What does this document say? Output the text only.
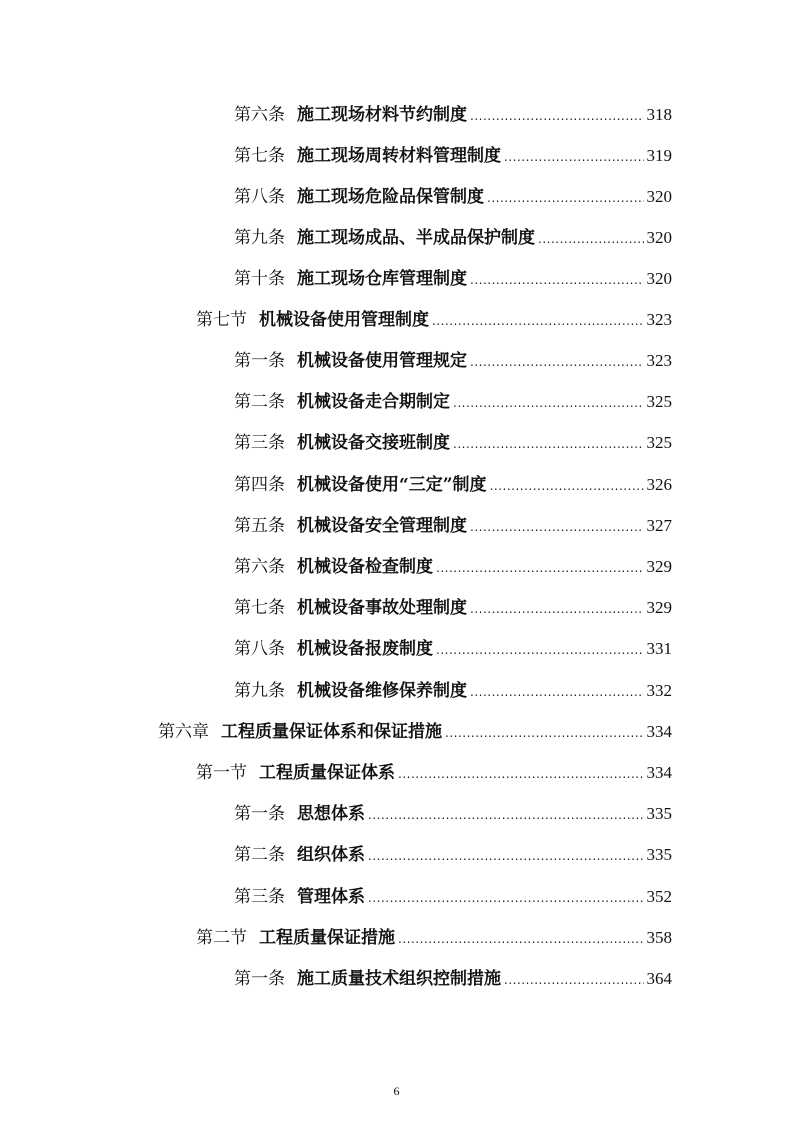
第六条 施工现场材料节约制度 .....	318
第七条 施工现场周转材料管理制度 .....	319
第八条 施工现场危险品保管制度 .....	320
第九条 施工现场成品、半成品保护制度 .....	320
第十条 施工现场仓库管理制度 .....	320
第七节 机械设备使用管理制度 .....	323
第一条 机械设备使用管理规定 .....	323
第二条 机械设备走合期制定 .....	325
第三条 机械设备交接班制度 .....	325
第四条 机械设备使用“三定”制度 .....	326
第五条 机械设备安全管理制度 .....	327
第六条 机械设备检查制度 .....	329
第七条 机械设备事故处理制度 .....	329
第八条 机械设备报废制度 .....	331
第九条 机械设备维修保养制度 .....	332
第六章 工程质量保证体系和保证措施 .....	334
第一节 工程质量保证体系 .....	334
第一条 思想体系 .....	335
第二条 组织体系 .....	335
第三条 管理体系 .....	352
第二节 工程质量保证措施 .....	358
第一条 施工质量技术组织控制措施 .....	364
6
